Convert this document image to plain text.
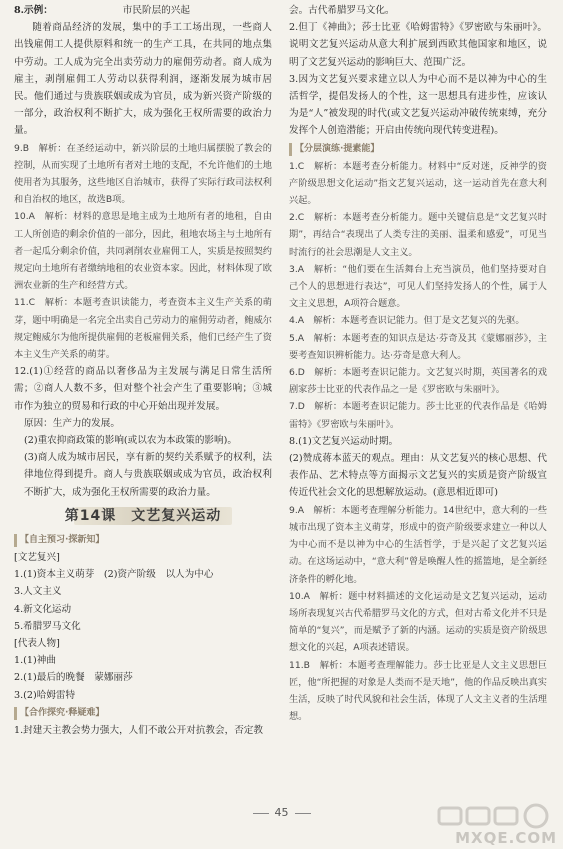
8.示例：	市民阶层的兴起

随着商品经济的发展，集中的手工工场出现，一些商人出钱雇佣工人提供原料和统一的生产工具，在共同的地点集中劳动。工人成为完全出卖劳动力的雇佣劳动者。商人成为雇主，剥削雇佣工人劳动以获得利润，逐渐发展为城市居民。他们通过与贵族联姻或成为官员，成为新兴资产阶级的一部分，政治权利不断扩大，成为强化王权所需要的政治力量。

9.B　解析：在圣经运动中，新兴阶层的土地归属摆脱了教会的控制，从而实现了土地所有者对土地的支配，不允许他们的土地使用者为其服务，这些地区自治城市，获得了实际行政司法权利和自治权的地区，故选B项。

10.A　解析：材料的意思是地主成为土地所有者的地租，自由工人所创造的剩余价值的一部分，因此，租地农场主与土地所有者一起瓜分剩余价值，共同剥削农业雇佣工人，实质是按照契约规定向土地所有者缴纳地租的农业资本家。因此，材料体现了欧洲农业新的生产和经营方式。

11.C　解析：本题考查识读能力，考查资本主义生产关系的萌芽，题中明确是一名完全出卖自己劳动力的雇佣劳动者，鲍威尔规定鲍威尔为他所提供雇佣的老板雇佣关系，他们已经产生了资本主义生产关系的萌芽。

12.(1)①经营的商品以奢侈品为主发展与满足日常生活所需；②商人人数不多，但对整个社会产生了重要影响；③城市作为独立的贸易和行政的中心开始出现并发展。

原因：生产力的发展。

(2)重农抑商政策的影响(或以农为本政策的影响)。

(3)商人成为城市居民，享有新的契约关系赋予的权利，法律地位得到提升。商人与贵族联姻或成为官员，政治权利不断扩大，成为强化王权所需要的政治力量。

第14课　文艺复兴运动
【自主预习·探新知】

[文艺复兴]

1.(1)资本主义萌芽　(2)资产阶级　以人为中心

3.人文主义

4.新文化运动

5.希腊罗马文化

[代表人物]

1.(1)神曲

2.(1)最后的晚餐　蒙娜丽莎

3.(2)哈姆雷特

【合作探究·释疑难】

1.封建天主教会势力强大，人们不敢公开对抗教会，否定教

会。古代希腊罗马文化。

2.但丁《神曲》；莎士比亚《哈姆雷特》《罗密欧与朱丽叶》。说明文艺复兴运动从意大利扩展到西欧其他国家和地区，说明了文艺复兴运动的影响巨大、范围广泛。

3.因为文艺复兴要求建立以人为中心而不是以神为中心的生活哲学，提倡发扬人的个性，这一思想具有进步性，应该认为是“人”被发现的时代(或文艺复兴运动冲破传统束缚，充分发挥个人创造潜能；开启由传统向现代转变进程)。

【分层演练·提素能】

1.C　解析：本题考查分析能力。材料中“反对迷，反神学的资产阶级思想文化运动”指文艺复兴运动，这一运动首先在意大利兴起。

2.C　解析：本题考查分析能力。题中关键信息是“文艺复兴时期”，再结合“表现出了人类专注的美丽、温柔和感爱”，可见当时流行的社会思潮是人文主义。

3.A　解析：“他们要在生活舞台上充当演员，他们坚持要对自己个人的思想进行表达”，可见人们坚持发扬人的个性，属于人文主义思想，A项符合题意。

4.A　解析：本题考查识记能力。但丁是文艺复兴的先驱。

5.A　解析：本题考查的知识点是达·芬奇及其《蒙娜丽莎》，主要考查知识辨析能力。达·芬奇是意大利人。

6.D　解析：本题考查识记能力。文艺复兴时期，英国著名的戏剧家莎士比亚的代表作品之一是《罗密欧与朱丽叶》。

7.D　解析：本题考查识记能力。莎士比亚的代表作品是《哈姆雷特》《罗密欧与朱丽叶》。

8.(1)文艺复兴运动时期。

(2)赞成蒋本蓝天的观点。理由：从文艺复兴的核心思想、代表作品、艺术特点等方面揭示文艺复兴的实质是资产阶级宣传近代社会文化的思想解放运动。(意思相近即可)

9.A　解析：本题考查理解分析能力。14世纪中，意大利的一些城市出现了资本主义萌芽，形成中的资产阶级要求建立一种以人为中心而不是以神为中心的生活哲学，于是兴起了文艺复兴运动。在这场运动中，“意大利”曾是唤醒人性的摇篮地，是全新经济条件的孵化地。

10.A　解析：题中材料描述的文化运动是文艺复兴运动，运动场所表现复兴古代希腊罗马文化的方式，但对古希文化并不只是简单的“复兴”，而是赋予了新的内涵。运动的实质是资产阶级思想文化的兴起，A项表述错误。

11.B　解析：本题考查理解能力。莎士比亚是人文主义思想巨匠，他“所把握的对象是人类而不是天地”，他的作品反映出真实生活，反映了时代风貌和社会生活，体现了人文主义者的生活理想。

45
MXQE.COM
